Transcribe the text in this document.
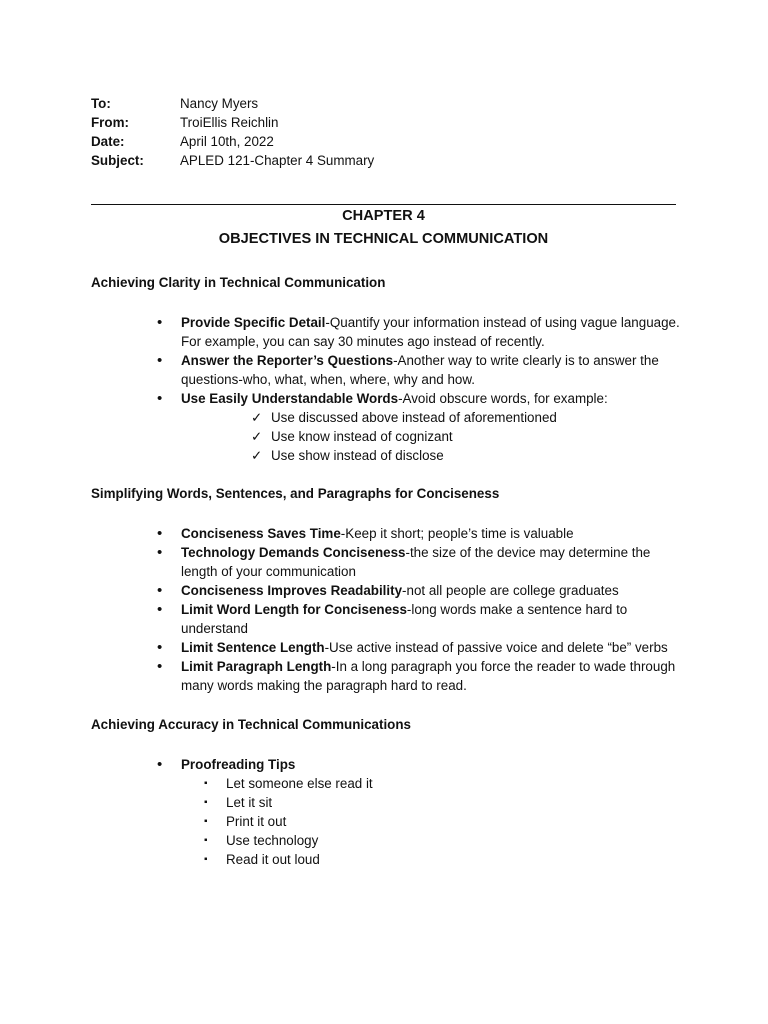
To:	Nancy Myers
From:	TroiEllis Reichlin
Date:	April 10th, 2022
Subject:	APLED 121-Chapter 4 Summary
CHAPTER 4
OBJECTIVES IN TECHNICAL COMMUNICATION
Achieving Clarity in Technical Communication
• Provide Specific Detail-Quantify your information instead of using vague language. For example, you can say 30 minutes ago instead of recently.
• Answer the Reporter’s Questions-Another way to write clearly is to answer the questions-who, what, when, where, why and how.
• Use Easily Understandable Words-Avoid obscure words, for example:
✓ Use discussed above instead of aforementioned
✓ Use know instead of cognizant
✓ Use show instead of disclose
Simplifying Words, Sentences, and Paragraphs for Conciseness
• Conciseness Saves Time-Keep it short; people’s time is valuable
• Technology Demands Conciseness-the size of the device may determine the length of your communication
• Conciseness Improves Readability-not all people are college graduates
• Limit Word Length for Conciseness-long words make a sentence hard to understand
• Limit Sentence Length-Use active instead of passive voice and delete “be” verbs
• Limit Paragraph Length-In a long paragraph you force the reader to wade through many words making the paragraph hard to read.
Achieving Accuracy in Technical Communications
• Proofreading Tips
▪ Let someone else read it
▪ Let it sit
▪ Print it out
▪ Use technology
▪ Read it out loud
